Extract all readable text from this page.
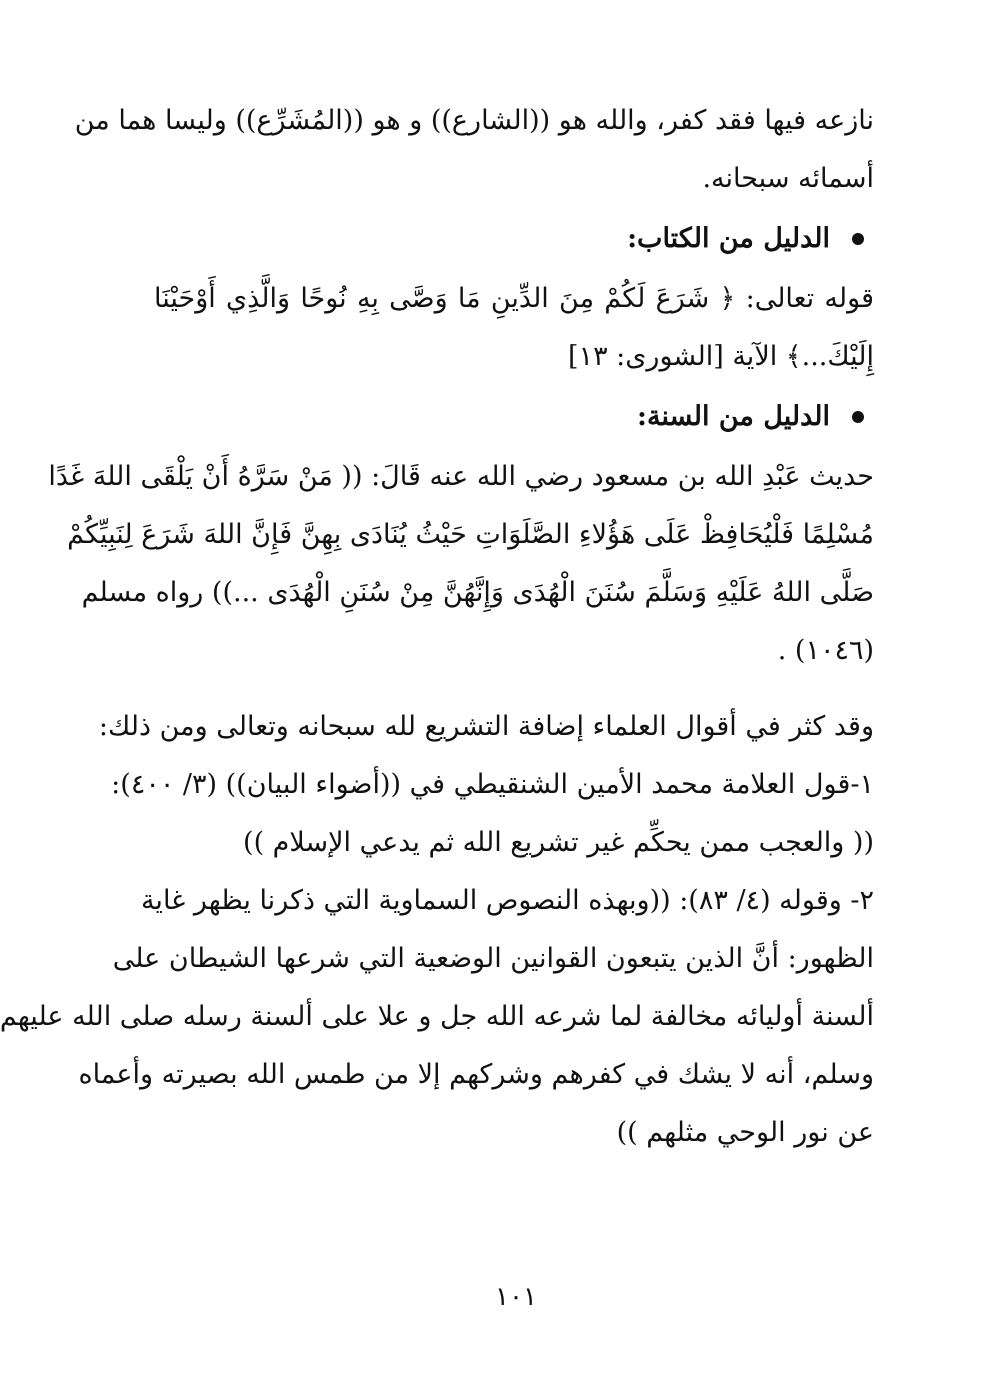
نازعه فيها فقد كفر، والله هو ((الشارع)) و هو ((المُشَرِّع)) وليسا هما من
أسمائه سبحانه.
الدليل من الكتاب:
قوله تعالى: ﴿ شَرَعَ لَكُمْ مِنَ الدِّينِ مَا وَصَّى بِهِ نُوحًا وَالَّذِي أَوْحَيْنَا
إِلَيْكَ...﴾ الآية [الشورى: ١٣]
الدليل من السنة:
حديث عَبْدِ الله بن مسعود رضي الله عنه قَالَ: (( مَنْ سَرَّهُ أَنْ يَلْقَى اللهَ غَدًا
مُسْلِمًا فَلْيُحَافِظْ عَلَى هَؤُلاءِ الصَّلَوَاتِ حَيْثُ يُنَادَى بِهِنَّ فَإِنَّ اللهَ شَرَعَ لِنَبِيِّكُمْ
صَلَّى اللهُ عَلَيْهِ وَسَلَّمَ سُنَنَ الْهُدَى وَإِنَّهُنَّ مِنْ سُنَنِ الْهُدَى ...)) رواه مسلم
(١٠٤٦) .
وقد كثر في أقوال العلماء إضافة التشريع لله سبحانه وتعالى ومن ذلك:
١-قول العلامة محمد الأمين الشنقيطي في ((أضواء البيان)) (٣/ ٤٠٠):
(( والعجب ممن يحكِّم غير تشريع الله ثم يدعي الإسلام ))
٢- وقوله (٤/ ٨٣): ((وبهذه النصوص السماوية التي ذكرنا يظهر غاية
الظهور: أنَّ الذين يتبعون القوانين الوضعية التي شرعها الشيطان على
ألسنة أوليائه مخالفة لما شرعه الله جل و علا على ألسنة رسله صلى الله عليهم
وسلم، أنه لا يشك في كفرهم وشركهم إلا من طمس الله بصيرته وأعماه
عن نور الوحي مثلهم ))
١٠١
